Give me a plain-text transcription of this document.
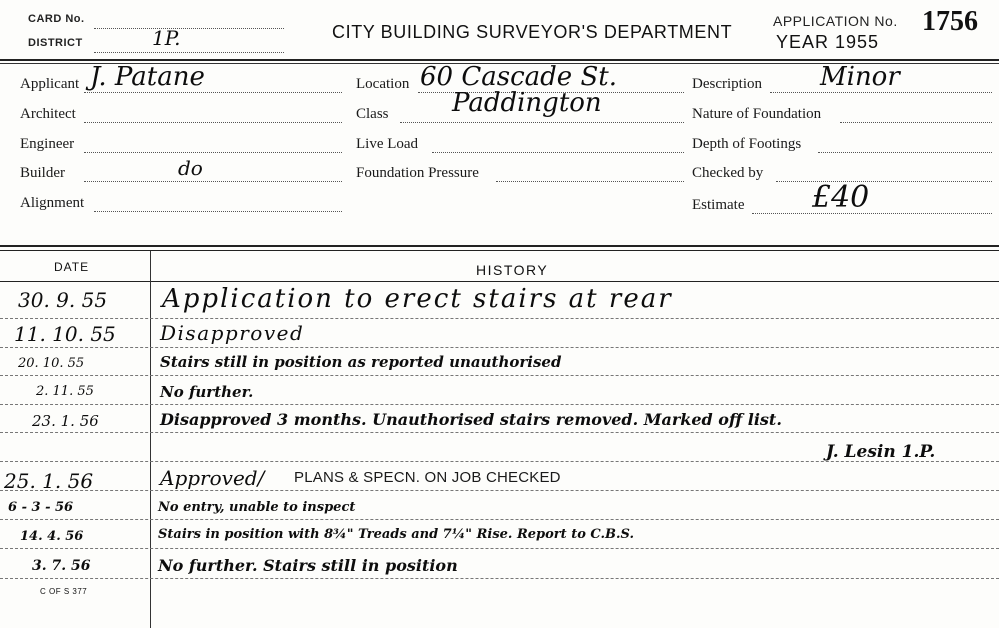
CARD No.
DISTRICT	1P.	CITY BUILDING SURVEYOR'S DEPARTMENT
APPLICATION No. 1756
YEAR 1955
Applicant J. Patane
Architect
Engineer
Builder	do
Alignment
Location 60 Cascade St.
Class Paddington
Live Load
Foundation Pressure
Description Minor
Nature of Foundation
Depth of Footings
Checked by
Estimate £40
DATE	HISTORY
30. 9. 55 Application to erect stairs at rear
11. 10. 55 Disapproved
20. 10. 55	Stairs still in position as reported unauthorised
2. 11. 55	No further.
23. 1. 56	Disapproved 3 months. Unauthorised stairs removed. Marked off list.
J. Lesin 1.P.
25. 1. 56	Approved/ PLANS & SPECN. ON JOB CHECKED
6 - 3 - 56	No entry, unable to inspect
14. 4. 56	Stairs in position with 8¾" Treads and 7¼" Rise. Report to C.B.S.
3. 7. 56	No further. Stairs still in position
C OF S 377
